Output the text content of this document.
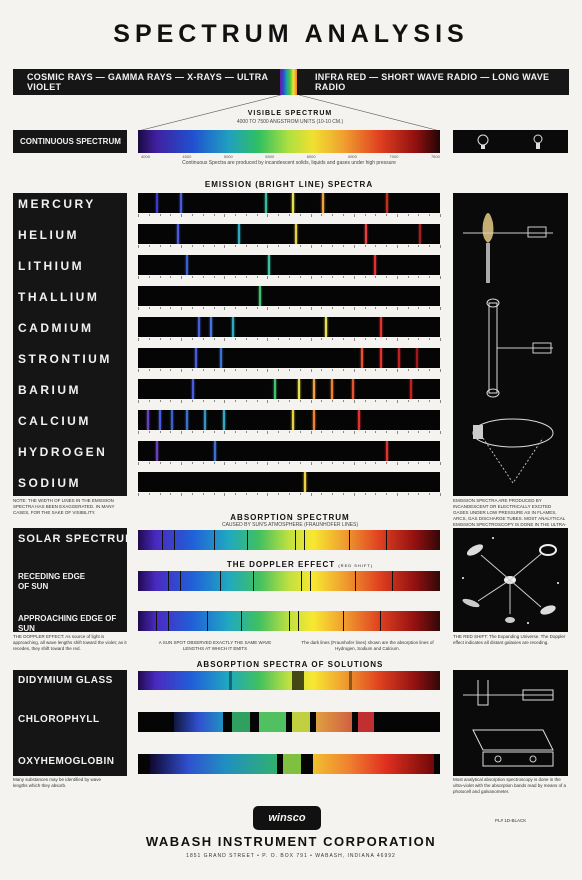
SPECTRUM ANALYSIS
COSMIC RAYS — GAMMA RAYS — X-RAYS — ULTRA VIOLET
INFRA RED — SHORT WAVE RADIO — LONG WAVE RADIO
VISIBLE SPECTRUM
4000 TO 7500 ANGSTROM UNITS (10-10 CM.)
CONTINUOUS SPECTRUM
4000	4500	5000	5500	6000	6500	7000	7500
Continuous Spectra are produced by incandescent solids, liquids and gases under high pressure
EMISSION (BRIGHT LINE) SPECTRA
MERCURY
HELIUM
LITHIUM
THALLIUM
CADMIUM
STRONTIUM
BARIUM
CALCIUM
HYDROGEN
SODIUM
NOTE: THE WIDTH OF LINES IN THE EMISSION SPECTRA HAS BEEN EXAGGERATED. IN MANY CASES, FOR THE SAKE OF VISIBILITY.
EMISSION SPECTRA ARE PRODUCED BY INCANDESCENT OR ELECTRICALLY EXCITED GASES UNDER LOW PRESSURE AS IN FLAMES, ARCS, GAS DISCHARGE TUBES. MOST ANALYTICAL EMISSION SPECTROSCOPY IS DONE IN THE ULTRA-
ABSORPTION SPECTRUM
CAUSED BY SUN'S ATMOSPHERE (FRAUNHOFER LINES)
SOLAR SPECTRUM
RECEDING EDGE OF SUN
APPROACHING EDGE OF SUN
THE DOPPLER EFFECT (RED SHIFT)
THE DOPPLER EFFECT: As source of light is approaching, all wave lengths shift toward the violet; as it recedes, they shift toward the red.
A SUN SPOT OBSERVED EXACTLY THE SAME WAVE LENGTHS AT WHICH IT EMITS
The dark lines (Fraunhofer lines) shown are the absorption lines of Hydrogen, Sodium and Calcium.
THE RED SHIFT: The Expanding Universe. The Doppler effect indicates all distant galaxies are receding.
ABSORPTION SPECTRA OF SOLUTIONS
DIDYMIUM GLASS
CHLOROPHYLL
OXYHEMOGLOBIN
Many substances may be identified by wave lengths which they absorb.
Most analytical absorption spectroscopy is done in the ultra-violet with the absorption bands read by means of a photocell and galvanometer.
winsco	PL# 1D-BLACK
WABASH INSTRUMENT CORPORATION
1851 GRAND STREET • P. O. BOX 791 • WABASH, INDIANA 46992
